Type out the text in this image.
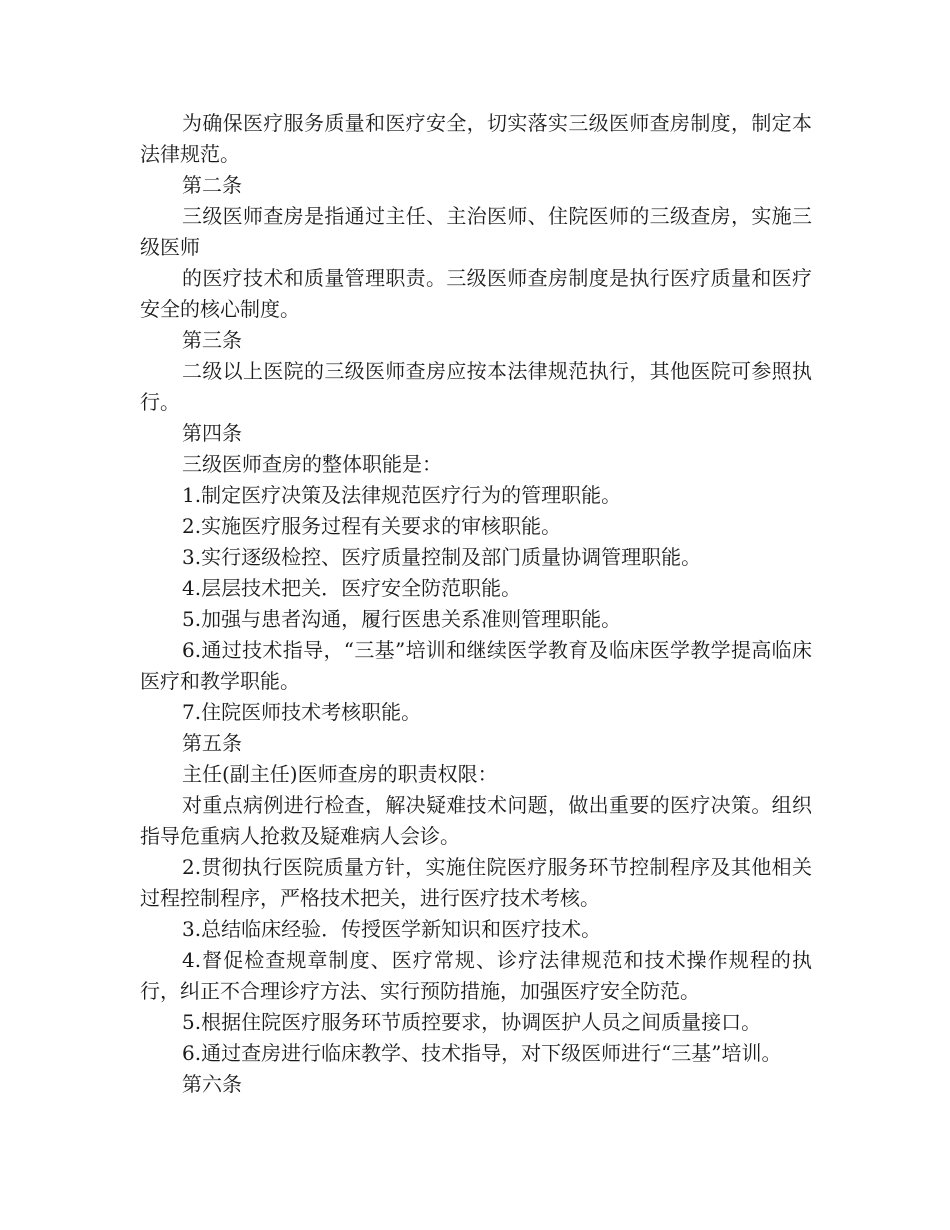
为确保医疗服务质量和医疗安全，切实落实三级医师查房制度，制定本法律规范。

第二条

三级医师查房是指通过主任、主治医师、住院医师的三级查房，实施三级医师

的医疗技术和质量管理职责。三级医师查房制度是执行医疗质量和医疗安全的核心制度。

第三条

二级以上医院的三级医师查房应按本法律规范执行，其他医院可参照执行。

第四条

三级医师查房的整体职能是：

1.制定医疗决策及法律规范医疗行为的管理职能。

2.实施医疗服务过程有关要求的审核职能。

3.实行逐级检控、医疗质量控制及部门质量协调管理职能。

4.层层技术把关．医疗安全防范职能。

5.加强与患者沟通，履行医患关系准则管理职能。

6.通过技术指导，“三基”培训和继续医学教育及临床医学教学提高临床医疗和教学职能。

7.住院医师技术考核职能。

第五条

主任(副主任)医师查房的职责权限：

对重点病例进行检查，解决疑难技术问题，做出重要的医疗决策。组织指导危重病人抢救及疑难病人会诊。

2.贯彻执行医院质量方针，实施住院医疗服务环节控制程序及其他相关过程控制程序，严格技术把关，进行医疗技术考核。

3.总结临床经验．传授医学新知识和医疗技术。

4.督促检查规章制度、医疗常规、诊疗法律规范和技术操作规程的执行，纠正不合理诊疗方法、实行预防措施，加强医疗安全防范。

5.根据住院医疗服务环节质控要求，协调医护人员之间质量接口。

6.通过查房进行临床教学、技术指导，对下级医师进行“三基”培训。

第六条
